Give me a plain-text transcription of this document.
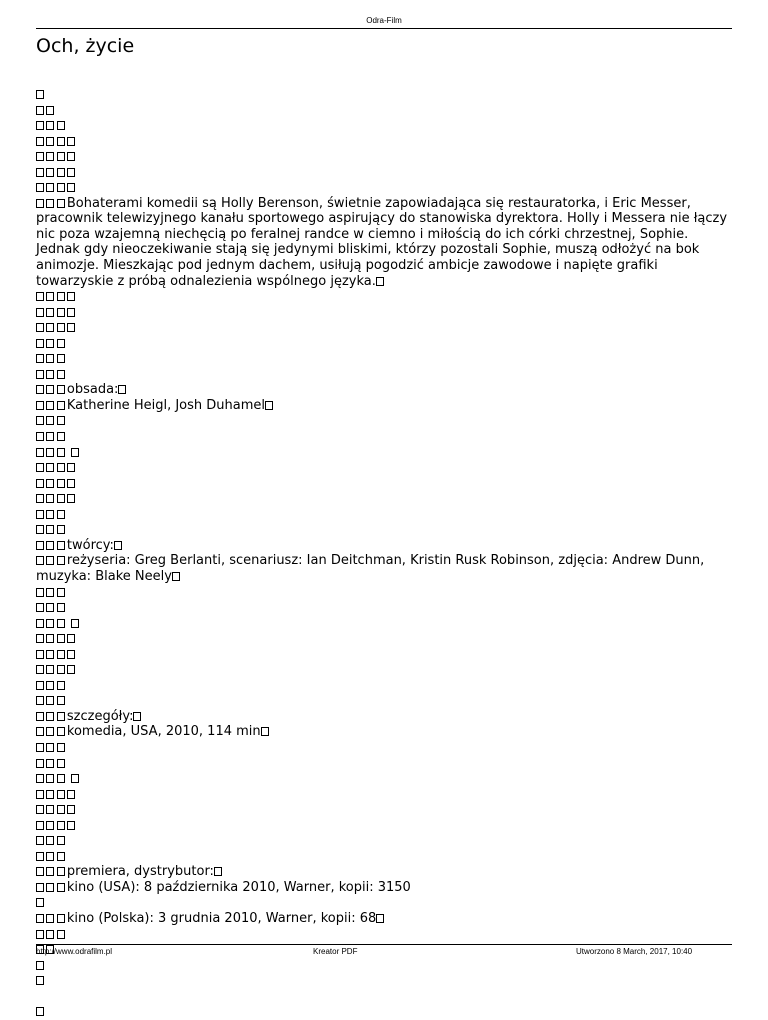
Odra-Film
Och, życie
Bohaterami komedii są Holly Berenson, świetnie zapowiadająca się restauratorka, i Eric Messer, pracownik telewizyjnego kanału sportowego aspirujący do stanowiska dyrektora. Holly i Messera nie łączy nic poza wzajemną niechęcią po feralnej randce w ciemno i miłością do ich córki chrzestnej, Sophie. Jednak gdy nieoczekiwanie stają się jedynymi bliskimi, którzy pozostali Sophie, muszą odłożyć na bok animozje. Mieszkając pod jednym dachem, usiłują pogodzić ambicje zawodowe i napięte grafiki towarzyskie z próbą odnalezienia wspólnego języka.
obsada:
Katherine Heigl, Josh Duhamel
twórcy:
reżyseria: Greg Berlanti, scenariusz: Ian Deitchman, Kristin Rusk Robinson, zdjęcia: Andrew Dunn, muzyka: Blake Neely
szczegóły:
komedia, USA, 2010, 114 min
premiera, dystrybutor:
kino (USA): 8 października 2010, Warner, kopii: 3150
kino (Polska): 3 grudnia 2010, Warner, kopii: 68
http://www.odrafilm.pl	Kreator PDF	Utworzono 8 March, 2017, 10:40
